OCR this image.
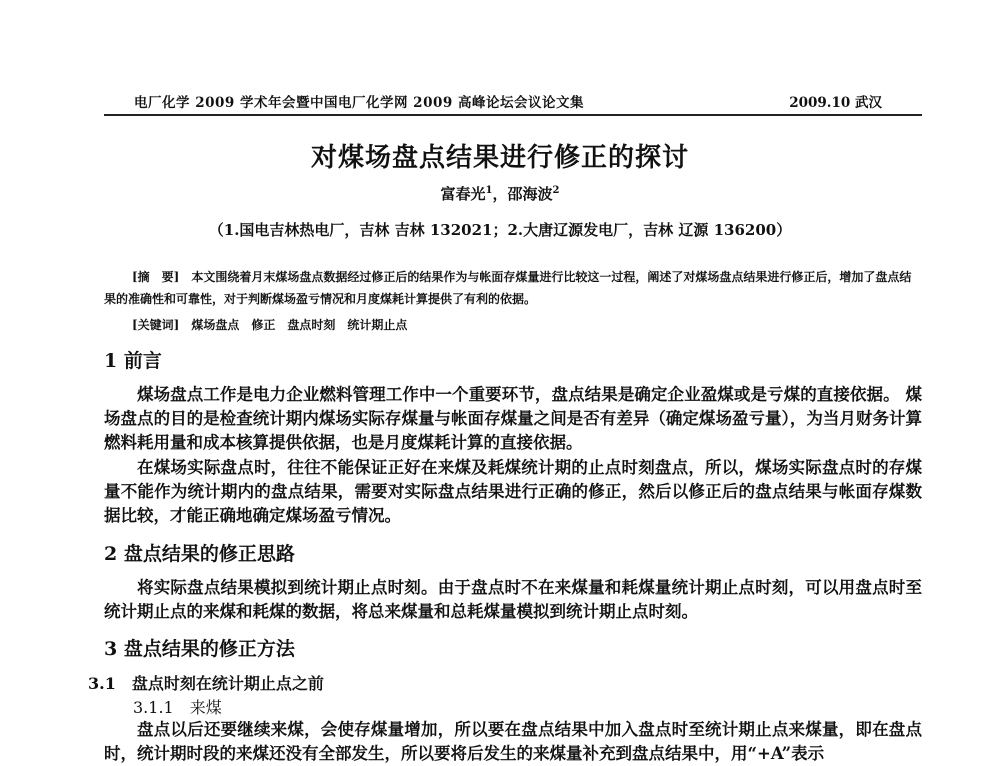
电厂化学 2009 学术年会暨中国电厂化学网 2009 高峰论坛会议论文集	2009.10 武汉
对煤场盘点结果进行修正的探讨
富春光$^1$，邵海波$^2$
（1.国电吉林热电厂，吉林 吉林 132021；2.大唐辽源发电厂，吉林 辽源 136200）
[摘　要]　本文围绕着月末煤场盘点数据经过修正后的结果作为与帐面存煤量进行比较这一过程，阐述了对煤场盘点结果进行修正后，增加了盘点结果的准确性和可靠性，对于判断煤场盈亏情况和月度煤耗计算提供了有利的依据。
[关键词]　煤场盘点　修正　盘点时刻　统计期止点
1 前言
煤场盘点工作是电力企业燃料管理工作中一个重要环节，盘点结果是确定企业盈煤或是亏煤的直接依据。 煤场盘点的目的是检查统计期内煤场实际存煤量与帐面存煤量之间是否有差异（确定煤场盈亏量），为当月财务计算燃料耗用量和成本核算提供依据，也是月度煤耗计算的直接依据。
在煤场实际盘点时，往往不能保证正好在来煤及耗煤统计期的止点时刻盘点，所以，煤场实际盘点时的存煤量不能作为统计期内的盘点结果，需要对实际盘点结果进行正确的修正，然后以修正后的盘点结果与帐面存煤数据比较，才能正确地确定煤场盈亏情况。
2 盘点结果的修正思路
将实际盘点结果模拟到统计期止点时刻。由于盘点时不在来煤量和耗煤量统计期止点时刻，可以用盘点时至统计期止点的来煤和耗煤的数据，将总来煤量和总耗煤量模拟到统计期止点时刻。
3 盘点结果的修正方法
3.1　盘点时刻在统计期止点之前
3.1.1　来煤
盘点以后还要继续来煤，会使存煤量增加，所以要在盘点结果中加入盘点时至统计期止点来煤量，即在盘点时，统计期时段的来煤还没有全部发生，所以要将后发生的来煤量补充到盘点结果中，用“+A”表示
